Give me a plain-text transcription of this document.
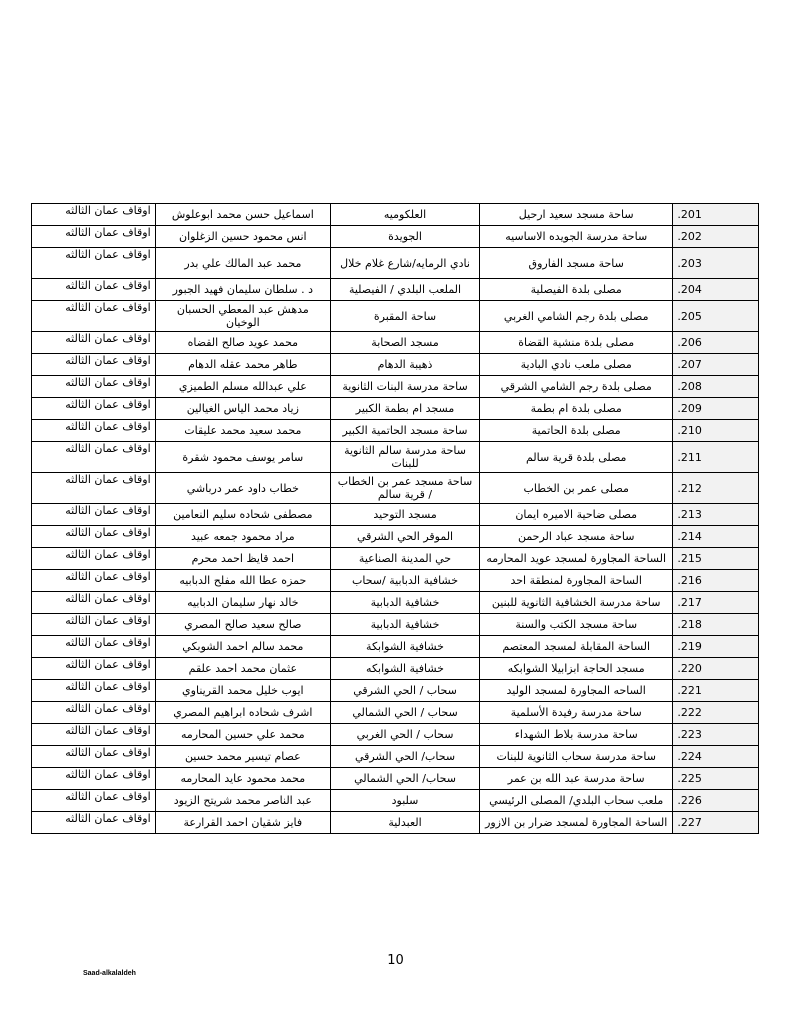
اوقاف عمان الثالثه	اسماعيل حسن محمد ابوعلوش	العلكوميه	ساحة مسجد سعيد ارحيل	.201
اوقاف عمان الثالثه	انس محمود حسين الزغلوان	الجويدة	ساحة مدرسة الجويده الاساسيه	.202
اوقاف عمان الثالثه	محمد عبد المالك علي بدر	نادي الرمايه/شارع غلام خلال	ساحة مسجد الفاروق	.203
اوقاف عمان الثالثه	د . سلطان سليمان فهيد الجبور	الملعب البلدي / الفيصلية	مصلى بلدة الفيصلية	.204
اوقاف عمان الثالثه	مدهش عبد المعطي الحسبان الوخيان	ساحة المقبرة	مصلى بلدة رجم الشامي الغربي	.205
اوقاف عمان الثالثه	محمد عويد صالح القضاه	مسجد الصحابة	مصلى بلدة منشية القضاة	.206
اوقاف عمان الثالثه	طاهر محمد عقله الدهام	ذهيبة الدهام	مصلى ملعب نادي البادية	.207
اوقاف عمان الثالثه	علي عبدالله مسلم الطميزي	ساحة مدرسة البنات الثانوية	مصلى بلدة رجم الشامي الشرقي	.208
اوقاف عمان الثالثه	زياد محمد الياس الغيالين	مسجد ام بطمة الكبير	مصلى بلدة ام بطمة	.209
اوقاف عمان الثالثه	محمد سعيد محمد عليقات	ساحة مسجد الحاتمية الكبير	مصلى بلدة الحاتمية	.210
اوقاف عمان الثالثه	سامر يوسف محمود شقرة	ساحة مدرسة سالم الثانوية للبنات	مصلى بلدة قرية سالم	.211
اوقاف عمان الثالثه	خطاب داود عمر درباشي	ساحة مسجد عمر بن الخطاب / قرية سالم	مصلى عمر بن الخطاب	.212
اوقاف عمان الثالثه	مصطفى شحاده سليم النعامين	مسجد التوحيد	مصلى ضاحية الاميره ايمان	.213
اوقاف عمان الثالثه	مراد محمود جمعه عبيد	الموقر الحي الشرقي	ساحة مسجد عباد الرحمن	.214
اوقاف عمان الثالثه	احمد قايظ احمد محرم	حي المدينة الصناعية	الساحة المجاورة لمسجد عويد المحارمه	.215
اوقاف عمان الثالثه	حمزه عطا الله مفلح الدبابيه	خشافية الدبابية /سحاب	الساحة المجاورة لمنطقة احد	.216
اوقاف عمان الثالثه	خالد نهار سليمان الدبابيه	خشافية الدبابية	ساحة مدرسة الخشافية الثانوية للبنين	.217
اوقاف عمان الثالثه	صالح سعيد صالح المصري	خشافية الدبابية	ساحة مسجد الكتب والسنة	.218
اوقاف عمان الثالثه	محمد سالم احمد الشوبكي	خشافية الشوابكة	الساحة المقابلة لمسجد المعتصم	.219
اوقاف عمان الثالثه	عثمان محمد احمد علقم	خشافية الشوابكه	مسجد الحاجة ابزابيلا الشوابكه	.220
اوقاف عمان الثالثه	ايوب خليل محمد القريناوي	سحاب / الحي الشرقي	الساحه المجاورة لمسجد الوليد	.221
اوقاف عمان الثالثه	اشرف شحاده ابراهيم المصري	سحاب / الحي الشمالي	ساحة مدرسة رفيدة الأسلمية	.222
اوقاف عمان الثالثه	محمد علي حسين المحارمه	سحاب / الحي الغربي	ساحة مدرسة بلاط الشهداء	.223
اوقاف عمان الثالثه	عصام تيسير محمد حسين	سحاب/ الحي الشرقي	ساحة مدرسة سحاب الثانوية للبنات	.224
اوقاف عمان الثالثه	محمد محمود عايد المحارمه	سحاب/ الحي الشمالي	ساحة مدرسة عبد الله بن عمر	.225
اوقاف عمان الثالثه	عبد الناصر محمد شريتح الزيود	سلبود	ملعب سحاب البلدي/ المصلى الرئيسي	.226
اوقاف عمان الثالثه	فايز شقيان احمد القرارعة	العبدلية	الساحة المجاورة لمسجد ضرار بن الازور	.227
10
Saad-alkalaldeh
